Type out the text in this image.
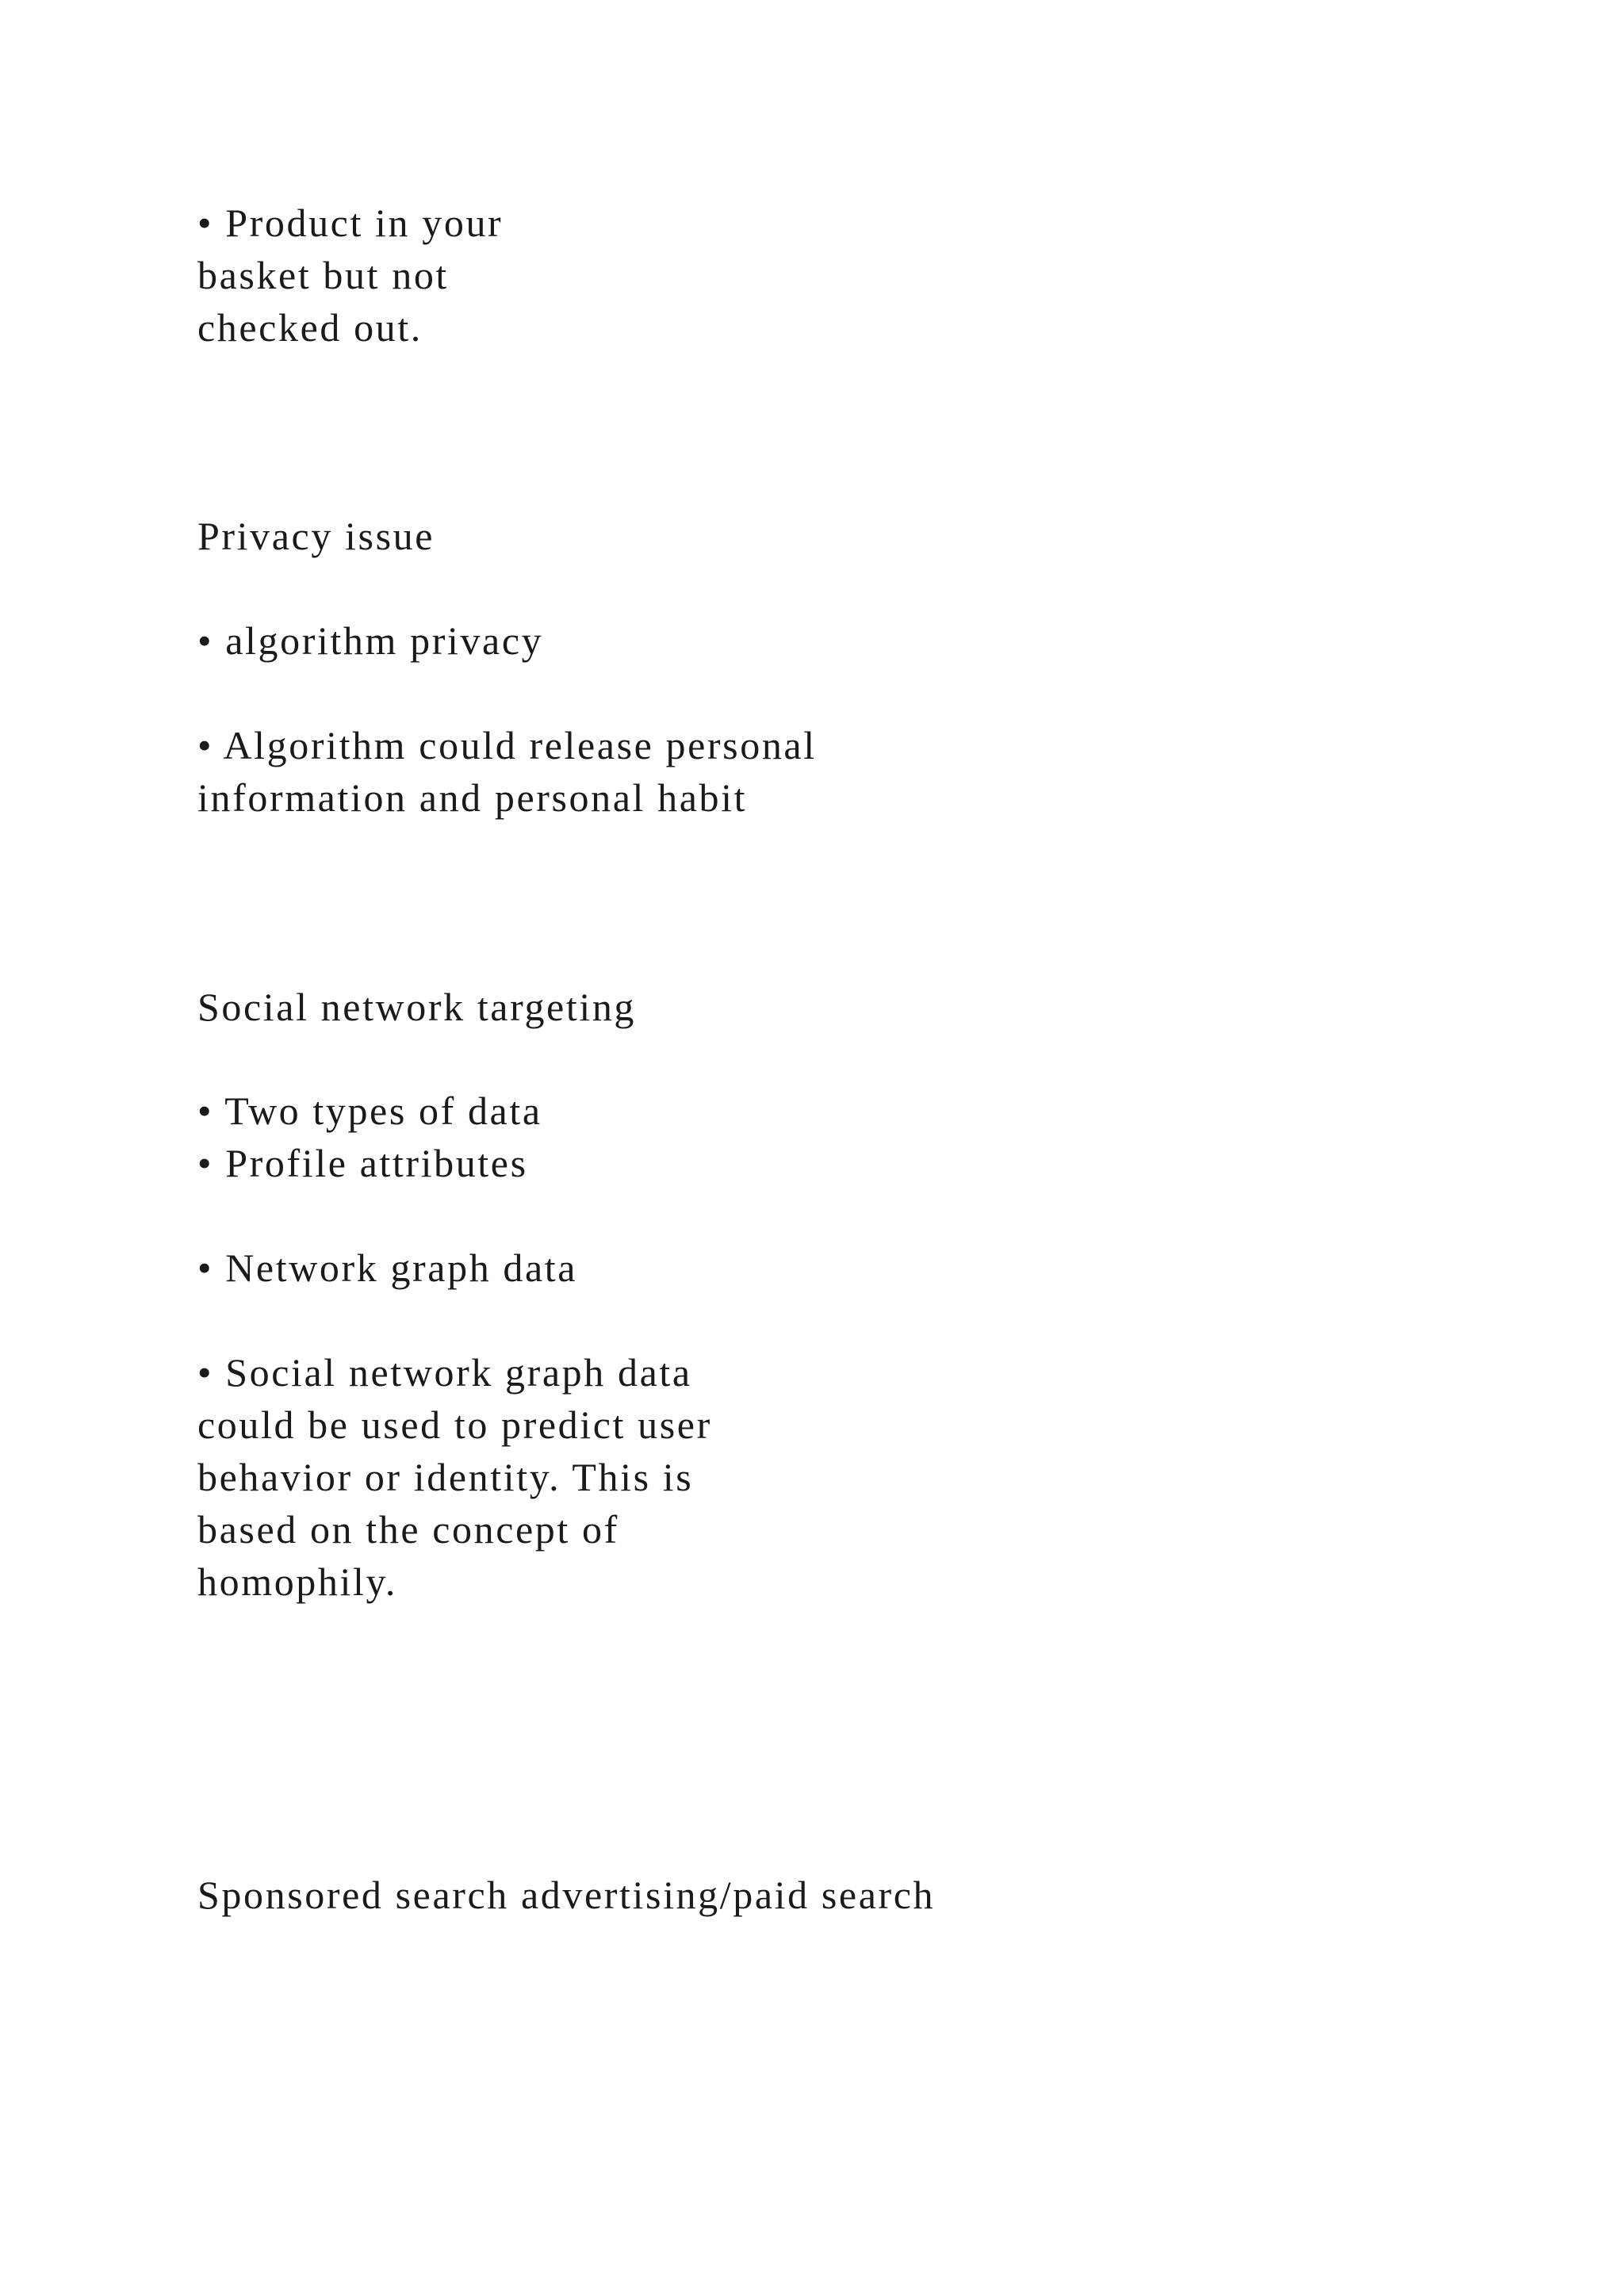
• Product in your

basket but not

checked out.

Privacy issue

• algorithm privacy

• Algorithm could release personal

information and personal habit

Social network targeting

• Two types of data

• Profile attributes

• Network graph data

• Social network graph data

could be used to predict user

behavior or identity. This is

based on the concept of

homophily.

Sponsored search advertising/paid search
